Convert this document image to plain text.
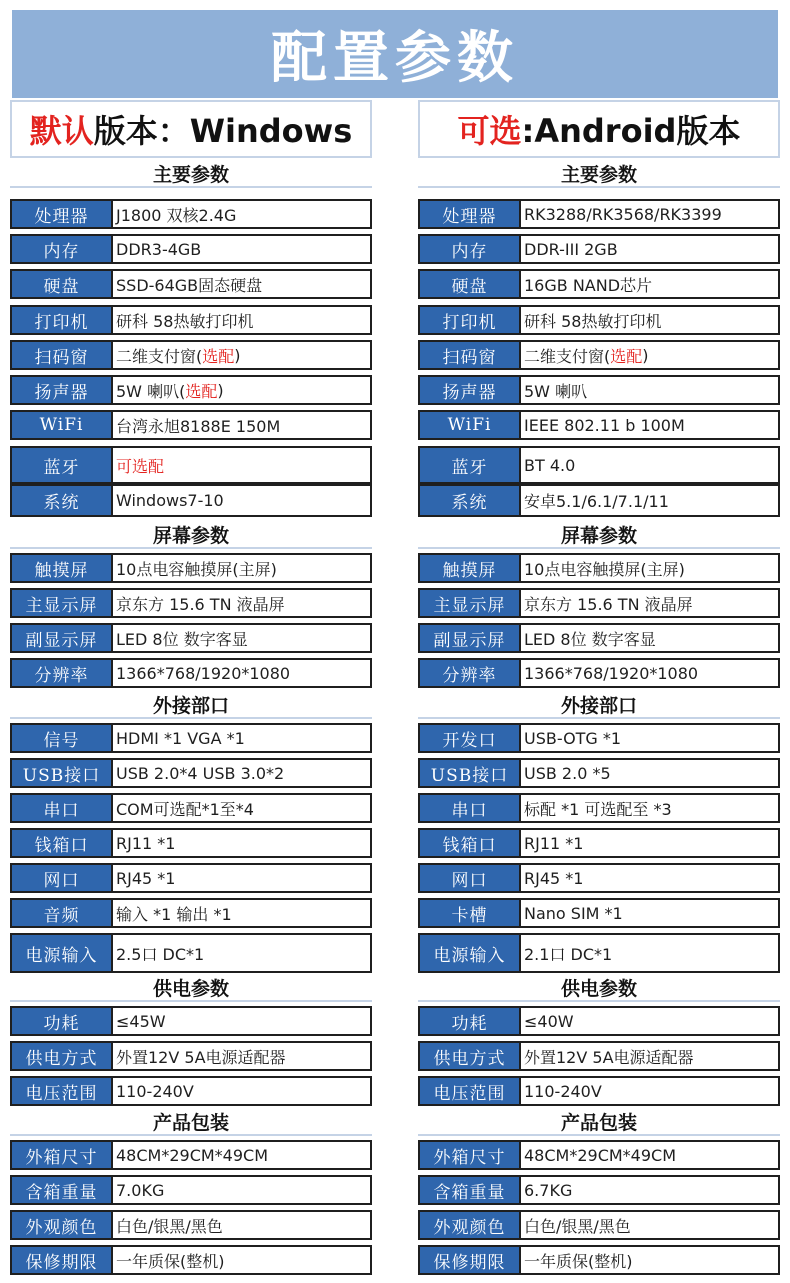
配置参数
默认 版本：Windows
主要参数
屏幕参数
外接部口
供电参数
产品包装
处理器	J1800 双核2.4G
内存	DDR3-4GB
硬盘	SSD-64GB固态硬盘
打印机	研科 58热敏打印机
扫码窗	二维支付窗( 选配 )
扬声器	5W 喇叭( 选配 )
WiFi	台湾永旭8188E 150M
蓝牙	可选配
系统	Windows7-10
触摸屏	10点电容触摸屏(主屏)
主显示屏	京东方 15.6 TN 液晶屏
副显示屏	LED 8位 数字客显
分辨率	1366*768/1920*1080
信号	HDMI *1 VGA *1
USB接口 USB 2.0*4 USB 3.0*2
串口	COM可选配*1至*4
钱箱口	RJ11 *1
网口	RJ45 *1
音频	输入 *1 输出 *1
电源输入	2.5口 DC*1
功耗	≤45W
供电方式	外置12V 5A电源适配器
电压范围	110-240V
外箱尺寸	48CM*29CM*49CM
含箱重量	7.0KG
外观颜色	白色/银黑/黑色
保修期限	一年质保(整机)
可选 :Android版本
主要参数
屏幕参数
外接部口
供电参数
产品包装
处理器	RK3288/RK3568/RK3399
内存	DDR-III 2GB
硬盘	16GB NAND芯片
打印机	研科 58热敏打印机
扫码窗	二维支付窗( 选配 )
扬声器	5W 喇叭
WiFi	IEEE 802.11 b 100M
蓝牙	BT 4.0
系统	安卓5.1/6.1/7.1/11
触摸屏	10点电容触摸屏(主屏)
主显示屏	京东方 15.6 TN 液晶屏
副显示屏	LED 8位 数字客显
分辨率	1366*768/1920*1080
开发口	USB-OTG *1
USB接口 USB 2.0 *5
串口	标配 *1 可选配至 *3
钱箱口	RJ11 *1
网口	RJ45 *1
卡槽	Nano SIM *1
电源输入	2.1口 DC*1
功耗	≤40W
供电方式	外置12V 5A电源适配器
电压范围	110-240V
外箱尺寸	48CM*29CM*49CM
含箱重量	6.7KG
外观颜色	白色/银黑/黑色
保修期限	一年质保(整机)
